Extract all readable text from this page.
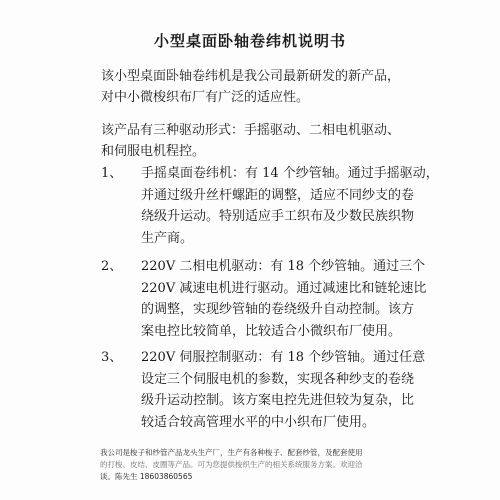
小型桌面卧轴卷纬机说明书
该小型桌面卧轴卷纬机是我公司最新研发的新产品，
对中小微梭织布厂有广泛的适应性。
该产品有三种驱动形式：手摇驱动、二相电机驱动、
和伺服电机程控。
1、	手摇桌面卷纬机：有 14 个纱管轴。通过手摇驱动，
并通过级升丝杆螺距的调整，适应不同纱支的卷
绕级升运动。特别适应手工织布及少数民族织物
生产商。
2、	220V 二相电机驱动：有 18 个纱管轴。通过三个
220V 减速电机进行驱动。通过减速比和链轮速比
的调整，实现纱管轴的卷绕级升自动控制。该方
案电控比较简单，比较适合小微织布厂使用。
3、	220V 伺服控制驱动：有 18 个纱管轴。通过任意
设定三个伺服电机的参数，实现各种纱支的卷绕
级升运动控制。该方案电控先进但较为复杂，比
较适合较高管理水平的中小织布厂使用。
我公司是梭子和纱管产品龙头生产厂，生产有各种梭子、配套纱管，及配套使用
的打梭、皮结、皮圈等产品。可为您提供梭织生产的相关系统服务方案。欢迎洽
谈。陈先生 18603860565
